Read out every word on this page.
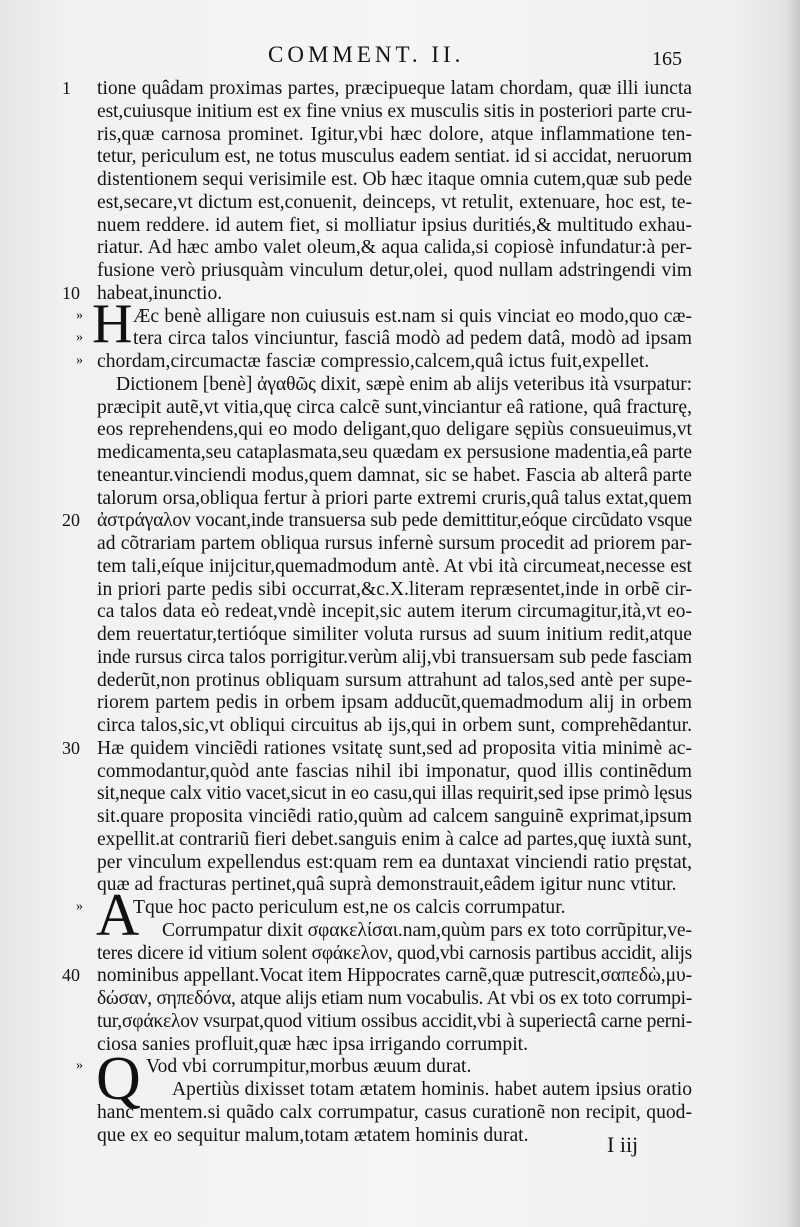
COMMENT. II.	165
1 tione quâdam proximas partes, præcipueque latam chordam, quæ illi iuncta
est,cuiusque initium est ex fine vnius ex musculis sitis in posteriori parte cru-
ris,quæ carnosa prominet. Igitur,vbi hæc dolore, atque inflammatione ten-
tetur, periculum est, ne totus musculus eadem sentiat. id si accidat, neruorum
distentionem sequi verisimile est. Ob hæc itaque omnia cutem,quæ sub pede
est,secare,vt dictum est,conuenit, deinceps, vt retulit, extenuare, hoc est, te-
nuem reddere. id autem fiet, si molliatur ipsius duritiés,& multitudo exhau-
riatur. Ad hæc ambo valet oleum,& aqua calida,si copiosè infundatur:à per-
fusione verò priusquàm vinculum detur,olei, quod nullam adstringendi vim
10 habeat,inunctio.
»	Æc benè alligare non cuiusuis est.nam si quis vinciat eo modo,quo cæ-
H
»	tera circa talos vinciuntur, fasciâ modò ad pedem datâ, modò ad ipsam
» chordam,circumactæ fasciæ compressio,calcem,quâ ictus fuit,expellet.
Dictionem [benè] ἀγαθῶς dixit, sæpè enim ab alijs veteribus ità vsurpatur:
præcipit autẽ,vt vitia,quę circa calcẽ sunt,vinciantur eâ ratione, quâ fracturę,
eos reprehendens,qui eo modo deligant,quo deligare sępiùs consueuimus,vt
medicamenta,seu cataplasmata,seu quædam ex persusione madentia,eâ parte
teneantur.vinciendi modus,quem damnat, sic se habet. Fascia ab alterâ parte
talorum orsa,obliqua fertur à priori parte extremi cruris,quâ talus extat,quem
20 ἀστράγαλον vocant,inde transuersa sub pede demittitur,eóque circũdato vsque
ad cõtrariam partem obliqua rursus infernè sursum procedit ad priorem par-
tem tali,eíque inijcitur,quemadmodum antè. At vbi ità circumeat,necesse est
in priori parte pedis sibi occurrat,&c.X.literam repræsentet,inde in orbẽ cir-
ca talos data eò redeat,vndè incepit,sic autem iterum circumagitur,ità,vt eo-
dem reuertatur,tertióque similiter voluta rursus ad suum initium redit,atque
inde rursus circa talos porrigitur.verùm alij,vbi transuersam sub pede fasciam
dederũt,non protinus obliquam sursum attrahunt ad talos,sed antè per supe-
riorem partem pedis in orbem ipsam adducũt,quemadmodum alij in orbem
circa talos,sic,vt obliqui circuitus ab ijs,qui in orbem sunt, comprehẽdantur.
30 Hæ quidem vinciẽdi rationes vsitatę sunt,sed ad proposita vitia minimè ac-
commodantur,quòd ante fascias nihil ibi imponatur, quod illis continẽdum
sit,neque calx vitio vacet,sicut in eo casu,qui illas requirit,sed ipse primò lęsus
sit.quare proposita vinciẽdi ratio,quùm ad calcem sanguinẽ exprimat,ipsum
expellit.at contrariũ fieri debet.sanguis enim à calce ad partes,quę iuxtà sunt,
per vinculum expellendus est:quam rem ea duntaxat vinciendi ratio pręstat,
quæ ad fracturas pertinet,quâ suprà demonstrauit,eâdem igitur nunc vtitur.
»	Tque hoc pacto periculum est,ne os calcis corrumpatur.
A Corrumpatur dixit σφακελίσαι.nam,quùm pars ex toto corrũpitur,ve-
teres dicere id vitium solent σφάκελον, quod,vbi carnosis partibus accidit, alijs
40 nominibus appellant.Vocat item Hippocrates carnẽ,quæ putrescit,σαπεδὼ,μυ-
δώσαν, σηπεδόνα, atque alijs etiam num vocabulis. At vbi os ex toto corrumpi-
tur,σφάκελον vsurpat,quod vitium ossibus accidit,vbi à superiectâ carne perni-
ciosa sanies profluit,quæ hæc ipsa irrigando corrumpit.
»	Vod vbi corrumpitur,morbus æuum durat.
Q Apertiùs dixisset totam ætatem hominis. habet autem ipsius oratio
hanc mentem.si quãdo calx corrumpatur, casus curationẽ non recipit, quod-
que ex eo sequitur malum,totam ætatem hominis durat.	I iij
